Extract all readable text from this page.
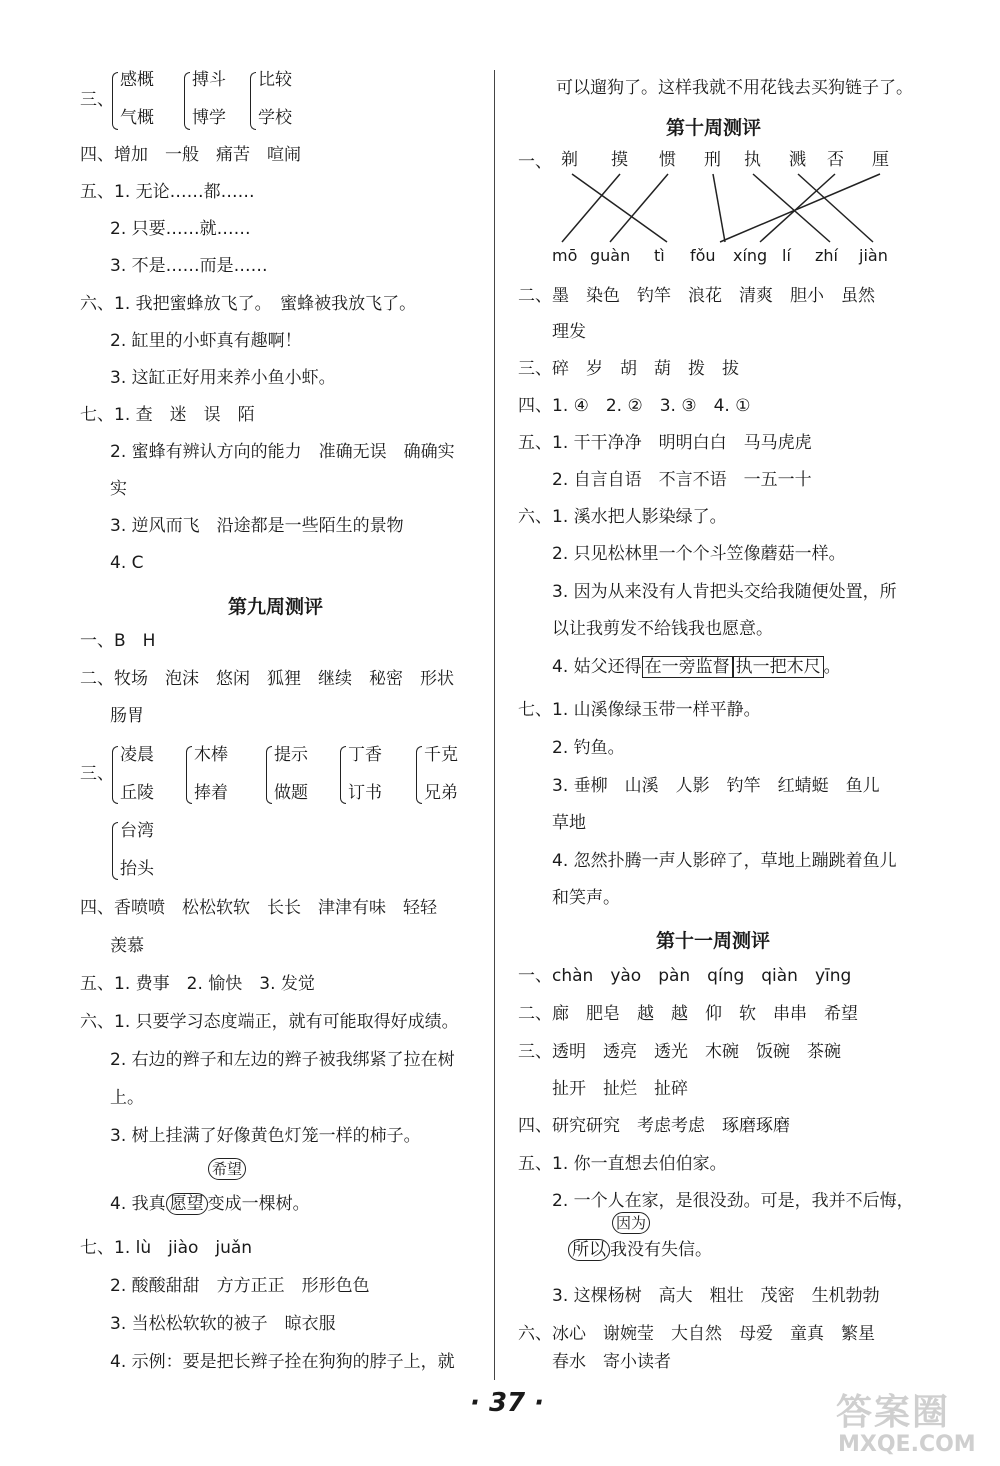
三、
感概
气概
搏斗
博学
比较
学校
四、增加　一般　痛苦　喧闹
五、1. 无论……都……
2. 只要……就……
3. 不是……而是……
六、1. 我把蜜蜂放飞了。　蜜蜂被我放飞了。
2. 缸里的小虾真有趣啊！
3. 这缸正好用来养小鱼小虾。
七、1. 查　迷　误　陌
2. 蜜蜂有辨认方向的能力　准确无误　确确实
实
3. 逆风而飞　沿途都是一些陌生的景物
4. C
第九周测评
一、B　H
二、牧场　泡沫　悠闲　狐狸　继续　秘密　形状
肠胃
三、
凌晨
丘陵
木棒
捧着
提示
做题
丁香
订书
千克
兄弟
台湾
抬头
四、香喷喷　松松软软　长长　津津有味　轻轻
羡慕
五、1. 费事　2. 愉快　3. 发觉
六、1. 只要学习态度端正，就有可能取得好成绩。
2. 右边的辫子和左边的辫子被我绑紧了拉在树
上。
3. 树上挂满了好像黄色灯笼一样的柿子。
希望
4. 我真 愿望 变成一棵树。
七、1. lù　jiào　juǎn
2. 酸酸甜甜　方方正正　形形色色
3. 当松松软软的被子　晾衣服
4. 示例：要是把长辫子拴在狗狗的脖子上，就
可以遛狗了。这样我就不用花钱去买狗链子了。
第十周测评
一、 剃 摸 惯 刑 执 溅 否 厘
mō guàn tì fǒu xíng lí zhí jiàn
二、墨　染色　钓竿　浪花　清爽　胆小　虽然
理发
三、碎　岁　胡　葫　拨　拔
四、1. ④　2. ②　3. ③　4. ①
五、1. 干干净净　明明白白　马马虎虎
2. 自言自语　不言不语　一五一十
六、1. 溪水把人影染绿了。
2. 只见松林里一个个斗笠像蘑菇一样。
3. 因为从来没有人肯把头交给我随便处置，所
以让我剪发不给钱我也愿意。
4. 姑父还得 在一旁监督 执一把木尺 。
七、1. 山溪像绿玉带一样平静。
2. 钓鱼。
3. 垂柳　山溪　人影　钓竿　红蜻蜓　鱼儿
草地
4. 忽然扑腾一声人影碎了，草地上蹦跳着鱼儿
和笑声。
第十一周测评
一、chàn　yào　pàn　qíng　qiàn　yīng
二、廊　肥皂　越　越　仰　软　串串　希望
三、透明　透亮　透光　木碗　饭碗　茶碗
扯开　扯烂　扯碎
四、研究研究　考虑考虑　琢磨琢磨
五、1. 你一直想去伯伯家。
2. 一个人在家，是很没劲。可是，我并不后悔，
因为
所以 我没有失信。
3. 这棵杨树　高大　粗壮　茂密　生机勃勃
六、冰心　谢婉莹　大自然　母爱　童真　繁星
春水　寄小读者
· 37 ·	答案圈
MXQE.COM
